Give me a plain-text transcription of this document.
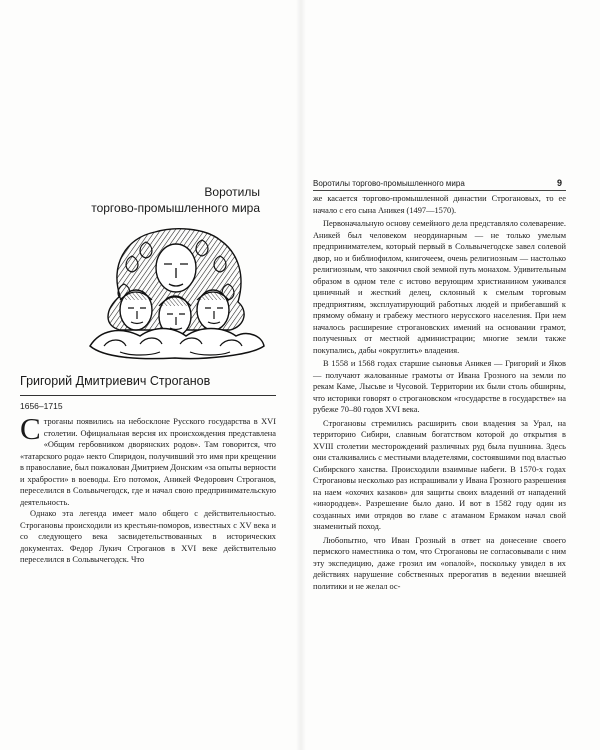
Воротилы
торгово-промышленного мира
Григорий Дмитриевич Строганов
1656–1715

Строганы появились на небосклоне Русского государства в XVI столетии. Официальная версия их происхождения представлена «Общим гербовником дворянских родов». Там говорится, что «татарского рода» некто Спиридон, получивший это имя при крещении в православие, был пожалован Дмитрием Донским «за опыты верности и храбрости» в воеводы. Его потомок, Аникей Федорович Строганов, переселился в Сольвычегодск, где и начал свою предпринимательскую деятельность.

Однако эта легенда имеет мало общего с действительностью. Строгановы происходили из крестьян-поморов, известных с XV века и со следующего века засвидетельствованных в исторических документах. Федор Лукич Строганов в XVI веке действительно переселился в Сольвычегодск. Что

Воротилы торгово-промышленного мира	9

же касается торгово-промышленной династии Строгановых, то ее начало с его сына Аникея (1497—1570).

Первоначальную основу семейного дела представляло солеварение. Аникей был человеком неординарным — не только умелым предпринимателем, который первый в Сольвычегодске завел солевой двор, но и библиофилом, книгочеем, очень религиозным — настолько религиозным, что закончил свой земной путь монахом. Удивительным образом в одном теле с истово верующим христианином уживался циничный и жесткий делец, склонный к смелым торговым предприятиям, эксплуатирующий работных людей и прибегавший к прямому обману и грабежу местного нерусского населения. При нем началось расширение строгановских имений на основании грамот, полученных от местной администрации; многие земли также покупались, дабы «округлить» владения.

В 1558 и 1568 годах старшие сыновья Аникея — Григорий и Яков — получают жалованные грамоты от Ивана Грозного на земли по рекам Каме, Лысьве и Чусовой. Территории их были столь обширны, что историки говорят о строгановском «государстве в государстве» на рубеже 70–80 годов XVI века.

Строгановы стремились расширить свои владения за Урал, на территорию Сибири, славным богатством которой до открытия в XVIII столетии месторождений различных руд была пушнина. Здесь они сталкивались с местными владетелями, состоявшими под властью Сибирского ханства. Происходили взаимные набеги. В 1570-х годах Строгановы несколько раз испрашивали у Ивана Грозного разрешения на наем «охочих казаков» для защиты своих владений от нападений «инородцев». Разрешение было дано. И вот в 1582 году один из созданных ими отрядов во главе с атаманом Ермаком начал свой знаменитый поход.

Любопытно, что Иван Грозный в ответ на донесение своего пермского наместника о том, что Строгановы не согласовывали с ним эту экспедицию, даже грозил им «опалой», поскольку увидел в их действиях нарушение собственных прерогатив в ведении внешней политики и не желал ос-
